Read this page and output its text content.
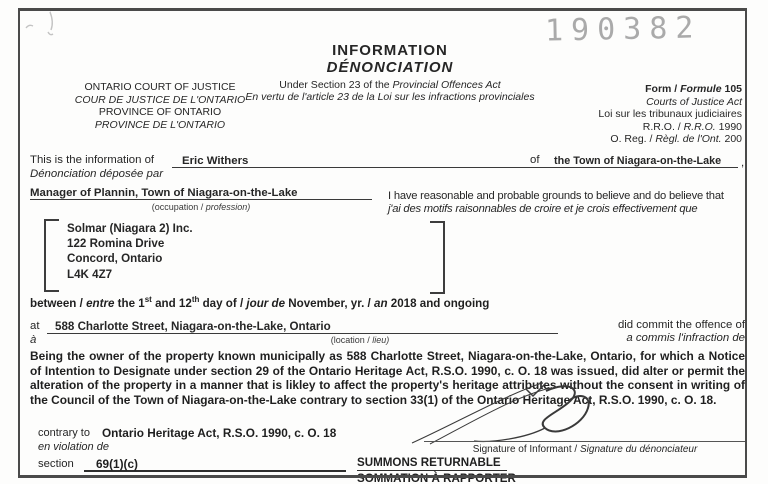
190382
INFORMATION
DÉNONCIATION
Under Section 23 of the Provincial Offences Act
En vertu de l'article 23 de la Loi sur les infractions provinciales
ONTARIO COURT OF JUSTICE
COUR DE JUSTICE DE L'ONTARIO
PROVINCE OF ONTARIO
PROVINCE DE L'ONTARIO
Form / Formule 105
Courts of Justice Act
Loi sur les tribunaux judiciaires
R.R.O. / R.R.O. 1990
O. Reg. / Règl. de l'Ont. 200
This is the information of	Eric Withers	of	the Town of Niagara-on-the-Lake	,
Dénonciation déposée par
Manager of Plannin, Town of Niagara-on-the-Lake
(occupation / profession)
I have reasonable and probable grounds to believe and do believe that
j'ai des motifs raisonnables de croire et je crois effectivement que
Solmar (Niagara 2) Inc.
122 Romina Drive
Concord, Ontario
L4K 4Z7
between / entre the 1st and 12th day of / jour de November, yr. / an 2018 and ongoing
at	588 Charlotte Street, Niagara-on-the-Lake, Ontario
à	(location / lieu)
did commit the offence of
a commis l'infraction de
Being the owner of the property known municipally as 588 Charlotte Street, Niagara-on-the-Lake, Ontario, for which a Notice of Intention to Designate under section 29 of the Ontario Heritage Act, R.S.O. 1990, c. O. 18 was issued, did alter or permit the alteration of the property in a manner that is likley to affect the property's heritage attributes without the consent in writing of the Council of the Town of Niagara-on-the-Lake contrary to section 33(1) of the Ontario Heritage Act, R.S.O. 1990, c. O. 18.
Signature of Informant / Signature du dénonciateur
contrary to Ontario Heritage Act, R.S.O. 1990, c. O. 18
en violation de
section	69(1)(c)	SUMMONS RETURNABLE
SOMMATION À RAPPORTER
